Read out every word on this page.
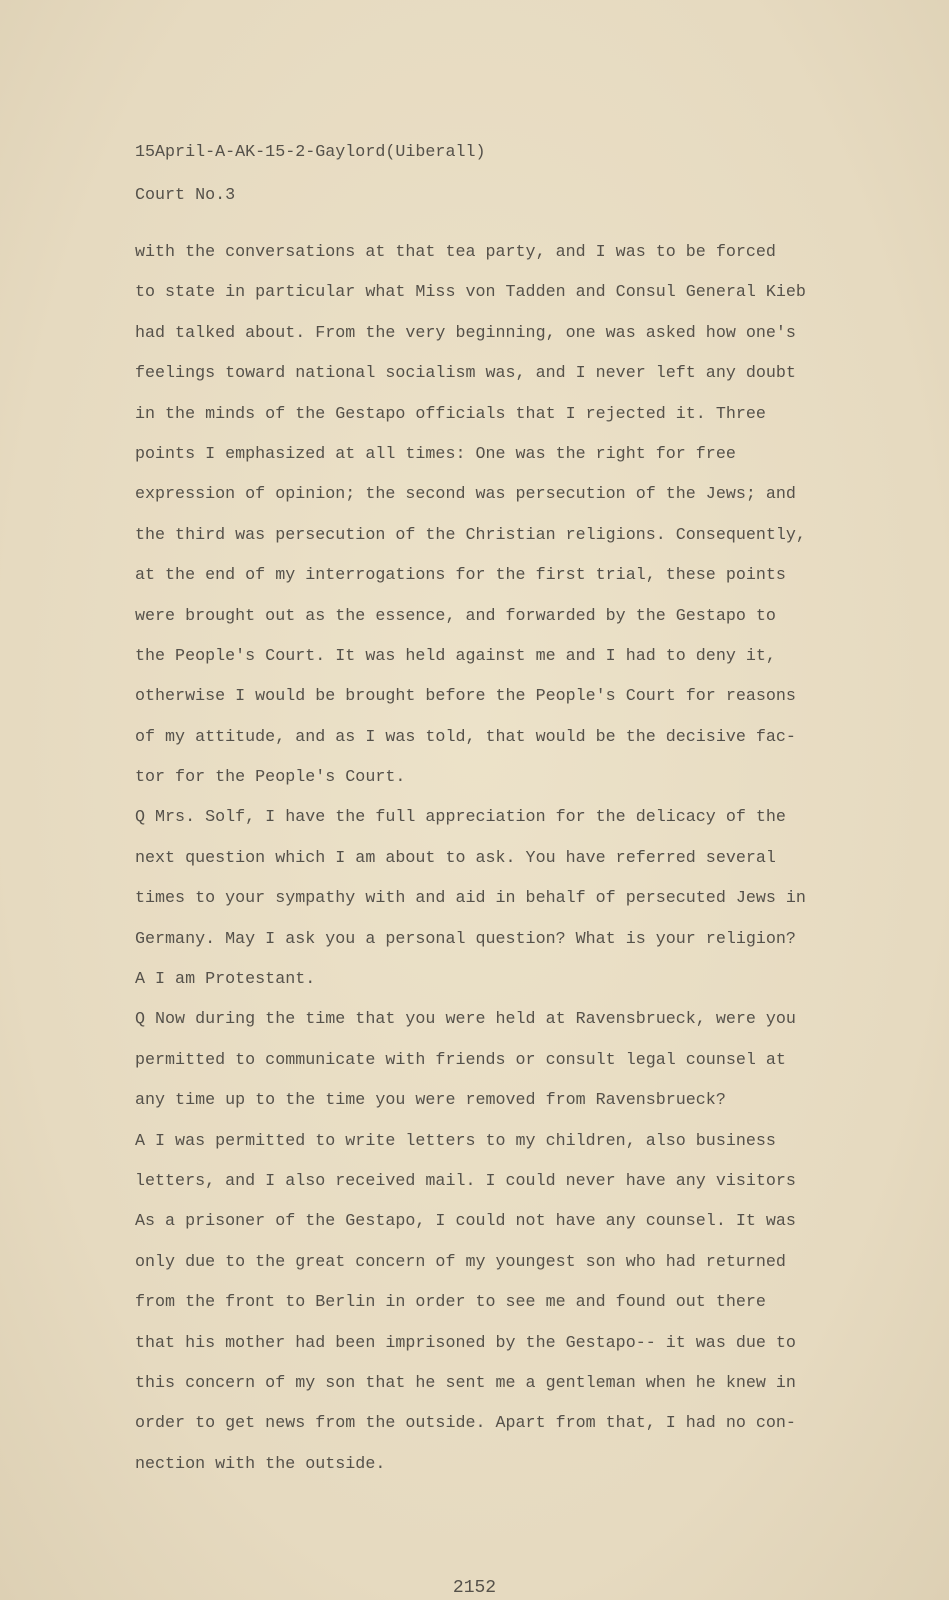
15April-A-AK-15-2-Gaylord(Uiberall)
Court No.3
with the conversations at that tea party, and I was to be forced
to state in particular what Miss von Tadden and Consul General Kieb
had talked about. From the very beginning, one was asked how one's
feelings toward national socialism was, and I never left any doubt
in the minds of the Gestapo officials that I rejected it. Three
points I emphasized at all times: One was the right for free
expression of opinion; the second was persecution of the Jews; and
the third was persecution of the Christian religions. Consequently,
at the end of my interrogations for the first trial, these points
were brought out as the essence, and forwarded by the Gestapo to
the People's Court. It was held against me and I had to deny it,
otherwise I would be brought before the People's Court for reasons
of my attitude, and as I was told, that would be the decisive fac-
tor for the People's Court.
Q Mrs. Solf, I have the full appreciation for the delicacy of the
next question which I am about to ask. You have referred several
times to your sympathy with and aid in behalf of persecuted Jews in
Germany. May I ask you a personal question? What is your religion?
A I am Protestant.
Q Now during the time that you were held at Ravensbrueck, were you
permitted to communicate with friends or consult legal counsel at
any time up to the time you were removed from Ravensbrueck?
A I was permitted to write letters to my children, also business
letters, and I also received mail. I could never have any visitors
As a prisoner of the Gestapo, I could not have any counsel. It was
only due to the great concern of my youngest son who had returned
from the front to Berlin in order to see me and found out there
that his mother had been imprisoned by the Gestapo-- it was due to
this concern of my son that he sent me a gentleman when he knew in
order to get news from the outside. Apart from that, I had no con-
nection with the outside.
2152
